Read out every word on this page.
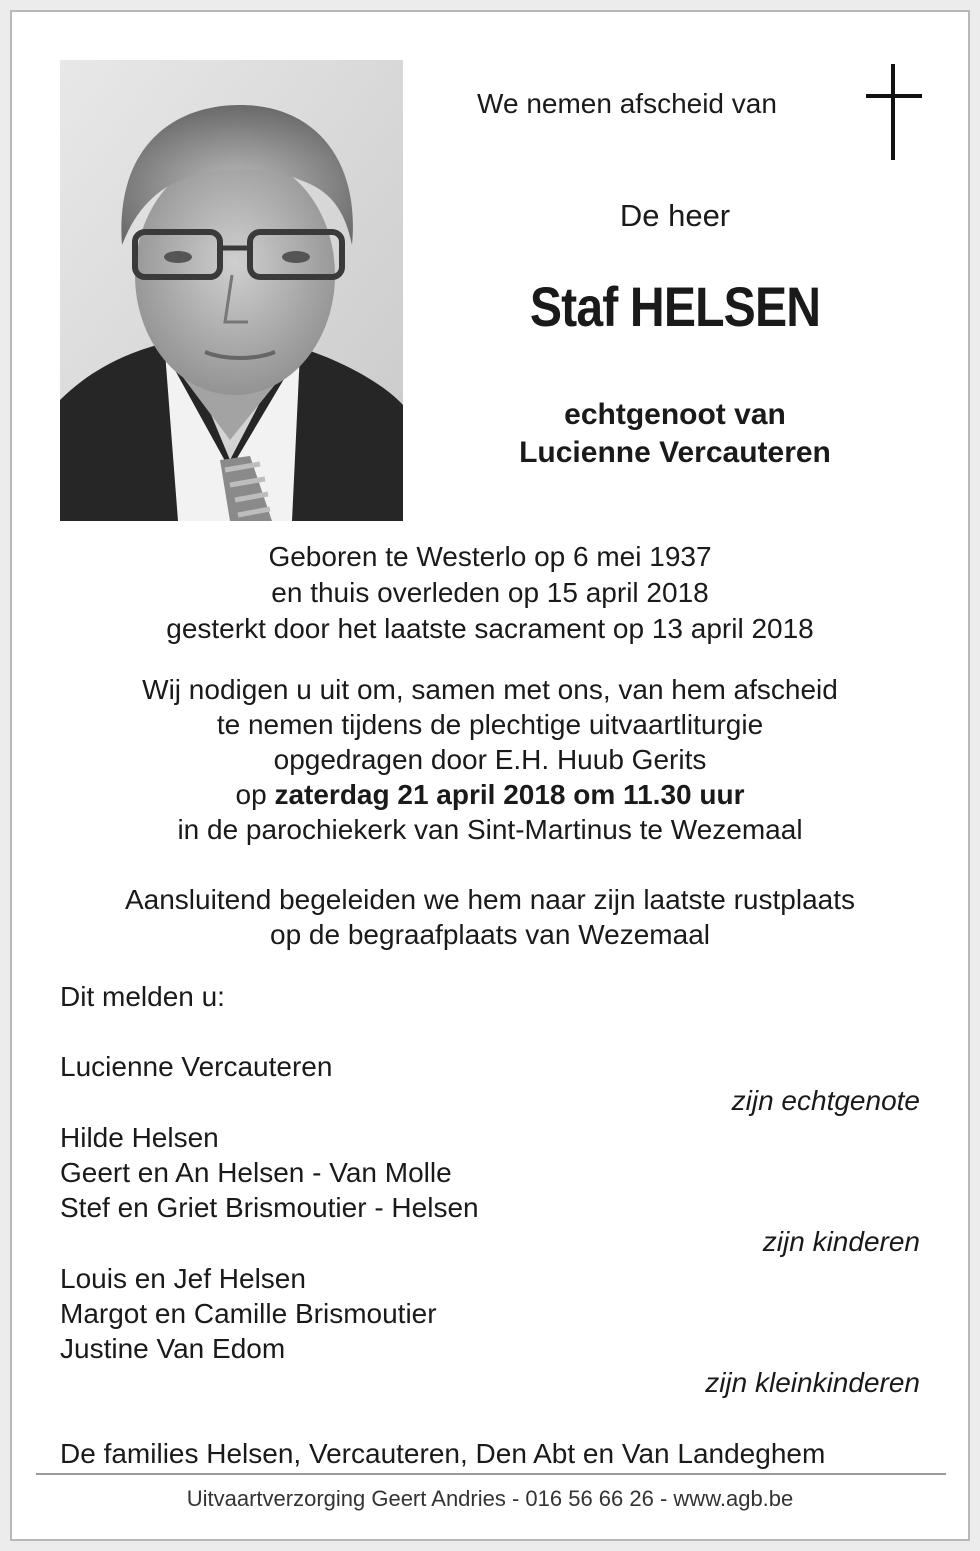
We nemen afscheid van

De heer

Staf HELSEN

echtgenoot van

Lucienne Vercauteren

Geboren te Westerlo op 6 mei 1937

en thuis overleden op 15 april 2018

gesterkt door het laatste sacrament op 13 april 2018

Wij nodigen u uit om, samen met ons, van hem afscheid

te nemen tijdens de plechtige uitvaartliturgie

opgedragen door E.H. Huub Gerits

op zaterdag 21 april 2018 om 11.30 uur

in de parochiekerk van Sint-Martinus te Wezemaal

Aansluitend begeleiden we hem naar zijn laatste rustplaats

op de begraafplaats van Wezemaal

Dit melden u:

Lucienne Vercauteren

zijn echtgenote

Hilde Helsen

Geert en An Helsen - Van Molle

Stef en Griet Brismoutier - Helsen

zijn kinderen

Louis en Jef Helsen

Margot en Camille Brismoutier

Justine Van Edom

zijn kleinkinderen

De families Helsen, Vercauteren, Den Abt en Van Landeghem

Uitvaartverzorging Geert Andries - 016 56 66 26 - www.agb.be
